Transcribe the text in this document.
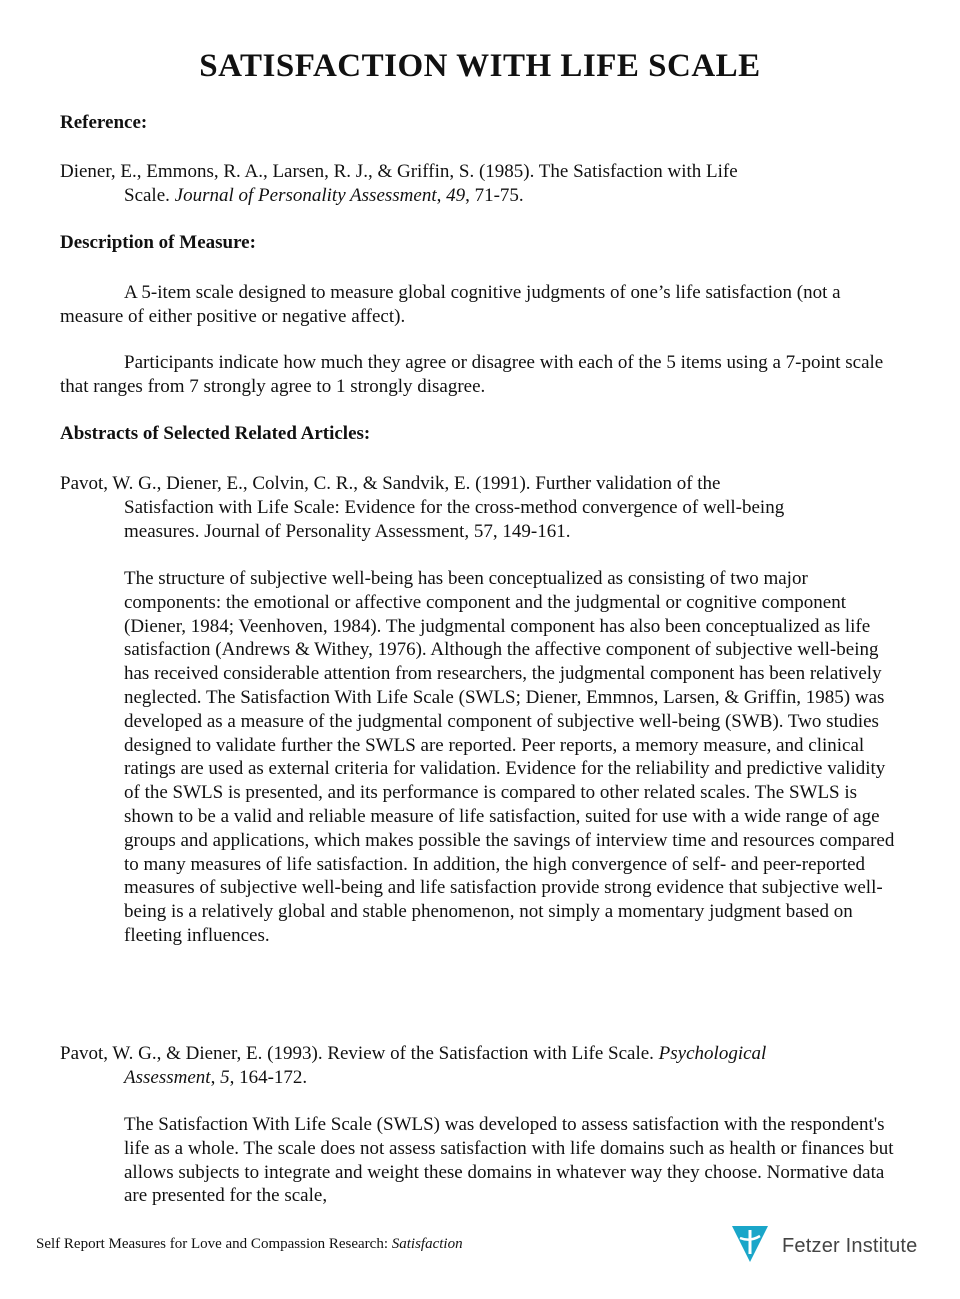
SATISFACTION WITH LIFE SCALE
Reference:
Diener, E., Emmons, R. A., Larsen, R. J., & Griffin, S. (1985). The Satisfaction with Life
Scale. Journal of Personality Assessment, 49, 71-75.
Description of Measure:

A 5-item scale designed to measure global cognitive judgments of one’s life satisfaction (not a measure of either positive or negative affect).

Participants indicate how much they agree or disagree with each of the 5 items using a 7-point scale that ranges from 7 strongly agree to 1 strongly disagree.

Abstracts of Selected Related Articles:
Pavot, W. G., Diener, E., Colvin, C. R., & Sandvik, E. (1991). Further validation of the
Satisfaction with Life Scale: Evidence for the cross-method convergence of well-being
measures. Journal of Personality Assessment, 57, 149-161.

The structure of subjective well-being has been conceptualized as consisting of two major components: the emotional or affective component and the judgmental or cognitive component (Diener, 1984; Veenhoven, 1984). The judgmental component has also been conceptualized as life satisfaction (Andrews & Withey, 1976). Although the affective component of subjective well-being has received considerable attention from researchers, the judgmental component has been relatively neglected. The Satisfaction With Life Scale (SWLS; Diener, Emmnos, Larsen, & Griffin, 1985) was developed as a measure of the judgmental component of subjective well-being (SWB). Two studies designed to validate further the SWLS are reported. Peer reports, a memory measure, and clinical ratings are used as external criteria for validation. Evidence for the reliability and predictive validity of the SWLS is presented, and its performance is compared to other related scales. The SWLS is shown to be a valid and reliable measure of life satisfaction, suited for use with a wide range of age groups and applications, which makes possible the savings of interview time and resources compared to many measures of life satisfaction. In addition, the high convergence of self- and peer-reported measures of subjective well-being and life satisfaction provide strong evidence that subjective well-being is a relatively global and stable phenomenon, not simply a momentary judgment based on fleeting influences.

Pavot, W. G., & Diener, E. (1993). Review of the Satisfaction with Life Scale. Psychological
Assessment, 5, 164-172.

The Satisfaction With Life Scale (SWLS) was developed to assess satisfaction with the respondent's life as a whole. The scale does not assess satisfaction with life domains such as health or finances but allows subjects to integrate and weight these domains in whatever way they choose. Normative data are presented for the scale,

Self Report Measures for Love and Compassion Research: Satisfaction	Fetzer Institute
